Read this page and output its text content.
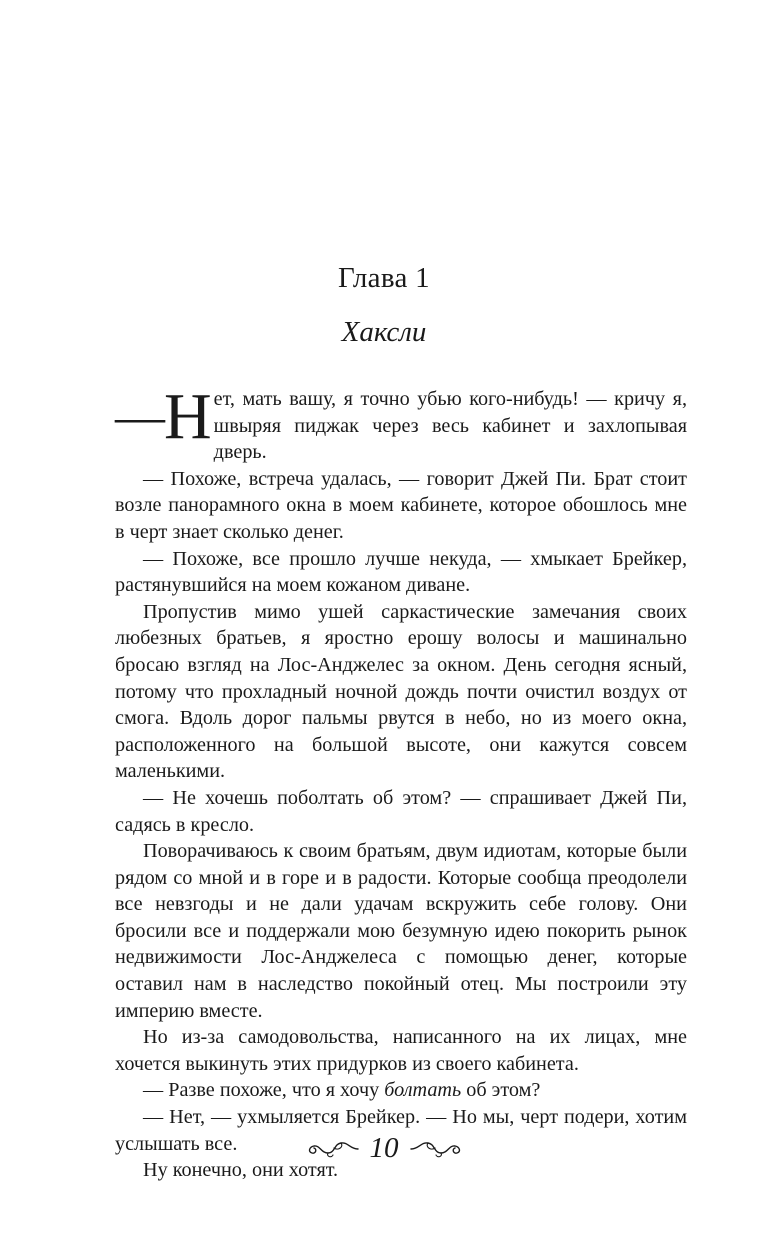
Глава 1
Хаксли

— Н ет, мать вашу, я точно убью кого-нибудь! — кричу я, швыряя пиджак через весь кабинет и захлопывая дверь.

— Похоже, встреча удалась, — говорит Джей Пи. Брат стоит возле панорамного окна в моем кабинете, которое обошлось мне в черт знает сколько денег.

— Похоже, все прошло лучше некуда, — хмыкает Брейкер, растянувшийся на моем кожаном диване.

Пропустив мимо ушей саркастические замечания своих любезных братьев, я яростно ерошу волосы и машинально бросаю взгляд на Лос-Анджелес за окном. День сегодня ясный, потому что прохладный ночной дождь почти очистил воздух от смога. Вдоль дорог пальмы рвутся в небо, но из моего окна, расположенного на большой высоте, они кажутся совсем маленькими.

— Не хочешь поболтать об этом? — спрашивает Джей Пи, садясь в кресло.

Поворачиваюсь к своим братьям, двум идиотам, которые были рядом со мной и в горе и в радости. Которые сообща преодолели все невзгоды и не дали удачам вскружить себе голову. Они бросили все и поддержали мою безумную идею покорить рынок недвижимости Лос-Анджелеса с помощью денег, которые оставил нам в наследство покойный отец. Мы построили эту империю вместе.

Но из-за самодовольства, написанного на их лицах, мне хочется выкинуть этих придурков из своего кабинета.

— Разве похоже, что я хочу болтать об этом?

— Нет, — ухмыляется Брейкер. — Но мы, черт подери, хотим услышать все.

Ну конечно, они хотят.

10
